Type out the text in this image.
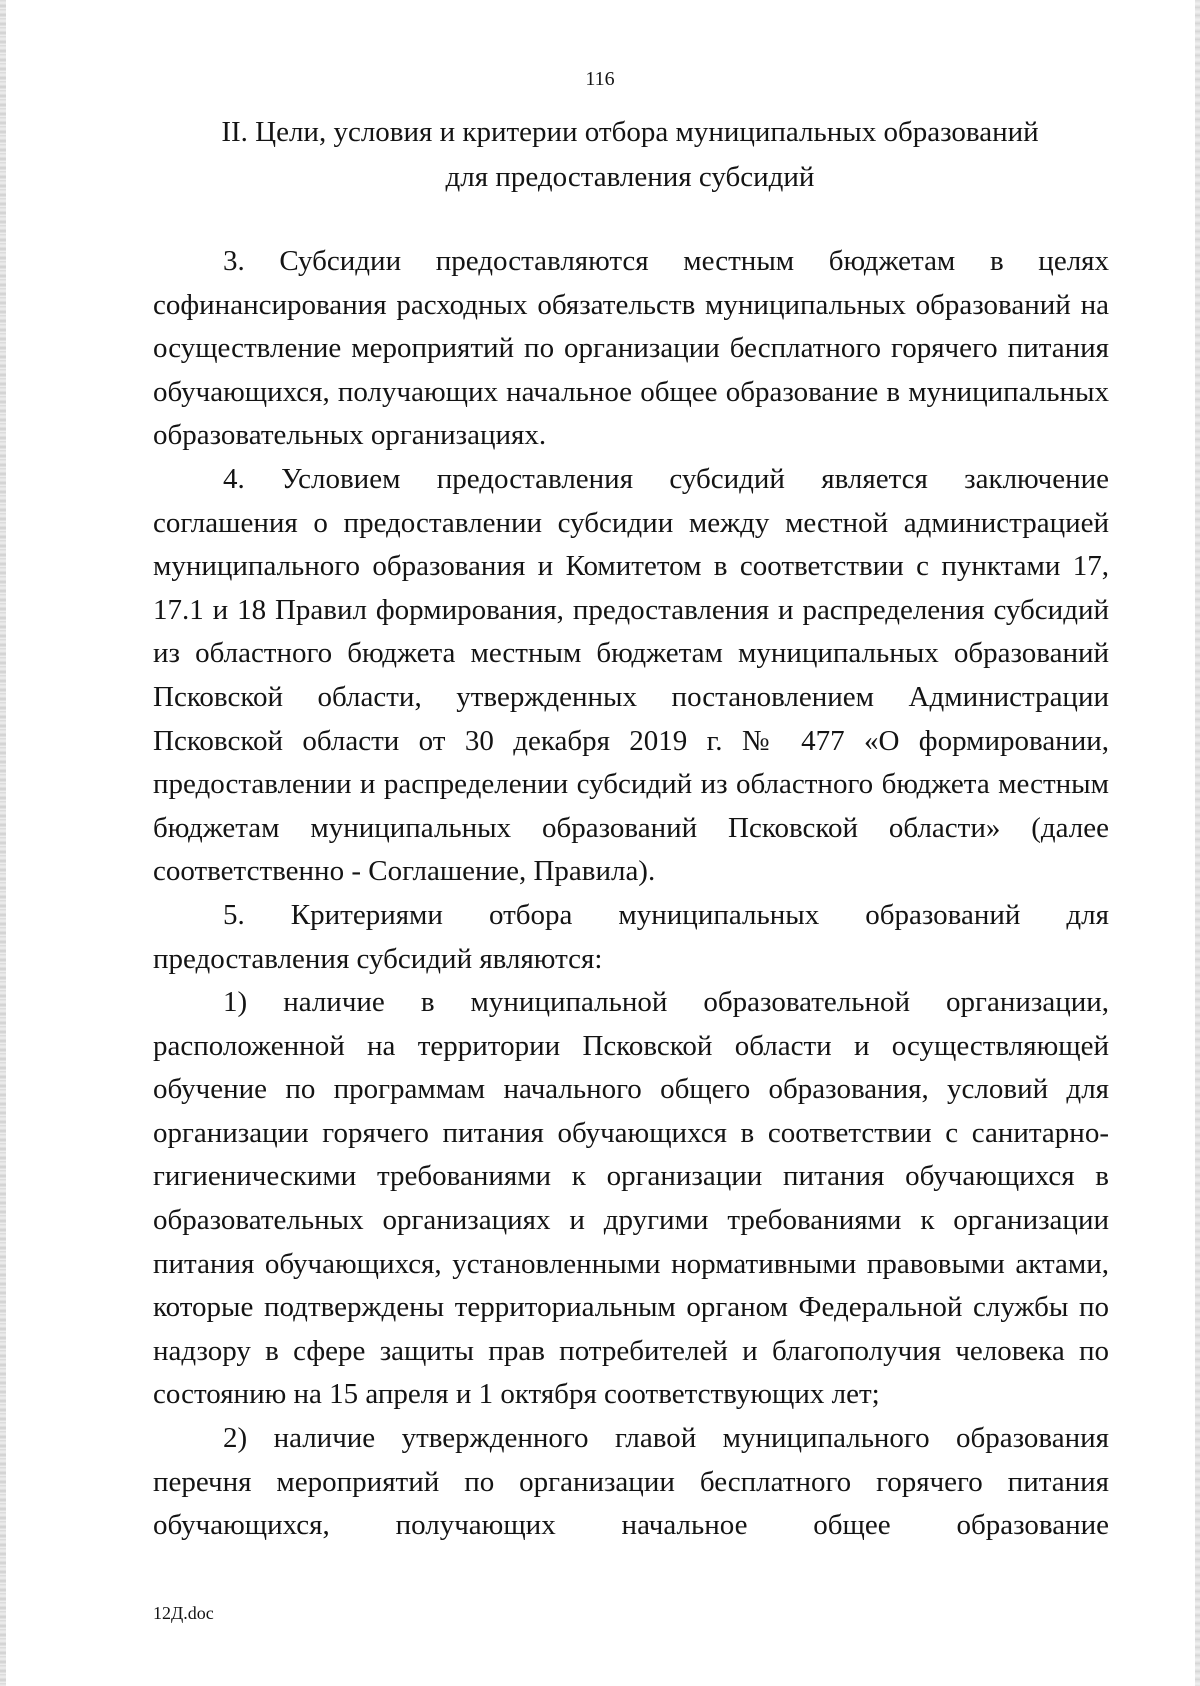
116
II. Цели, условия и критерии отбора муниципальных образований
для предоставления субсидий

3. Субсидии предоставляются местным бюджетам в целях софинансирования расходных обязательств муниципальных образований на осуществление мероприятий по организации бесплатного горячего питания обучающихся, получающих начальное общее образование в муниципальных образовательных организациях.

4. Условием предоставления субсидий является заключение соглашения о предоставлении субсидии между местной администрацией муниципального образования и Комитетом в соответствии с пунктами 17, 17.1 и 18 Правил формирования, предоставления и распределения субсидий из областного бюджета местным бюджетам муниципальных образований Псковской области, утвержденных постановлением Администрации Псковской области от 30 декабря 2019 г. № 477 «О формировании, предоставлении и распределении субсидий из областного бюджета местным бюджетам муниципальных образований Псковской области» (далее соответственно - Соглашение, Правила).

5. Критериями отбора муниципальных образований для предоставления субсидий являются:

1) наличие в муниципальной образовательной организации, расположенной на территории Псковской области и осуществляющей обучение по программам начального общего образования, условий для организации горячего питания обучающихся в соответствии с санитарно-гигиеническими требованиями к организации питания обучающихся в образовательных организациях и другими требованиями к организации питания обучающихся, установленными нормативными правовыми актами, которые подтверждены территориальным органом Федеральной службы по надзору в сфере защиты прав потребителей и благополучия человека по состоянию на 15 апреля и 1 октября соответствующих лет;

2) наличие утвержденного главой муниципального образования перечня мероприятий по организации бесплатного горячего питания обучающихся, получающих начальное общее образование

12Д.doc
